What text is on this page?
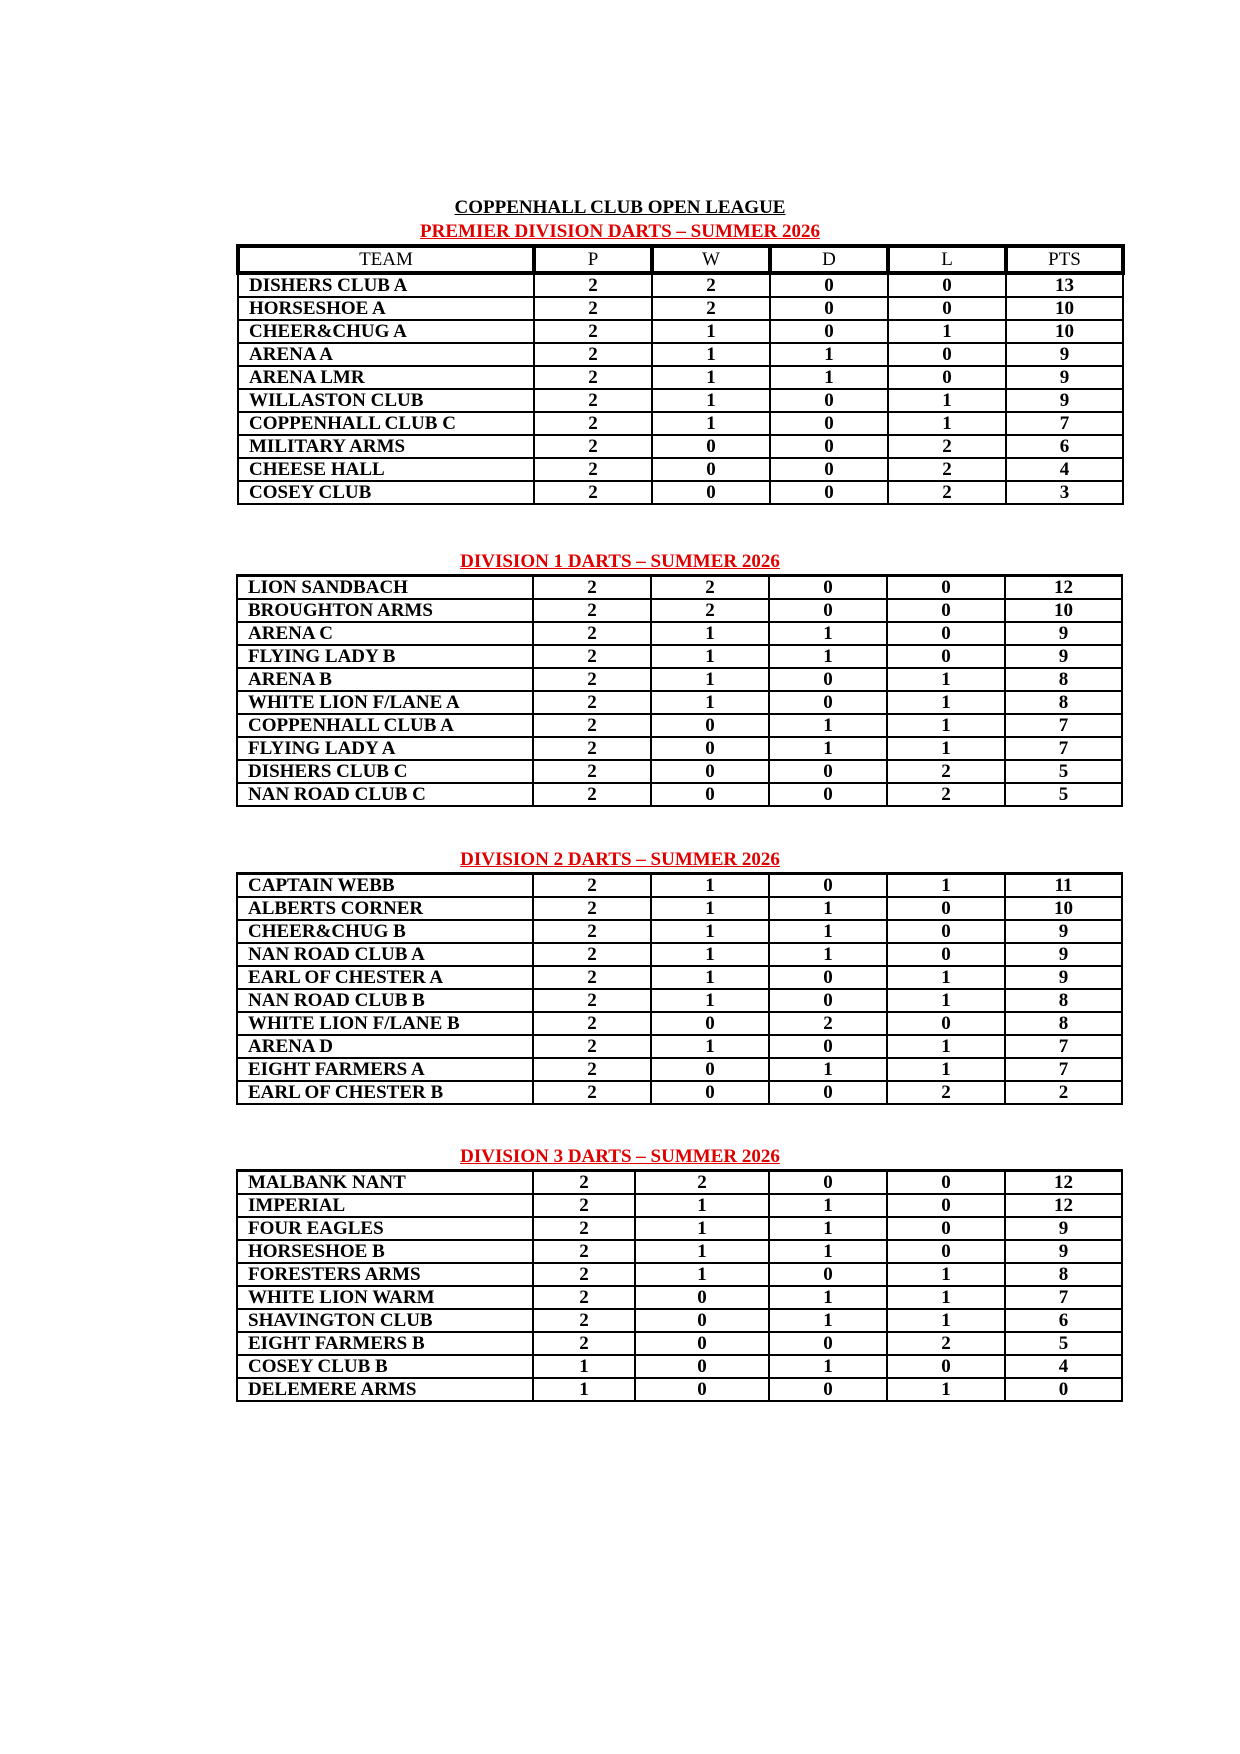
COPPENHALL CLUB OPEN LEAGUE
PREMIER DIVISION DARTS – SUMMER 2026
TEAM	P	W	D	L	PTS
DISHERS CLUB A	2	2	0	0	13
HORSESHOE A	2	2	0	0	10
CHEER&CHUG A	2	1	0	1	10
ARENA A	2	1	1	0	9
ARENA LMR	2	1	1	0	9
WILLASTON CLUB	2	1	0	1	9
COPPENHALL CLUB C	2	1	0	1	7
MILITARY ARMS	2	0	0	2	6
CHEESE HALL	2	0	0	2	4
COSEY CLUB	2	0	0	2	3
DIVISION 1 DARTS – SUMMER 2026
LION SANDBACH	2	2	0	0	12
BROUGHTON ARMS	2	2	0	0	10
ARENA C	2	1	1	0	9
FLYING LADY B	2	1	1	0	9
ARENA B	2	1	0	1	8
WHITE LION F/LANE A	2	1	0	1	8
COPPENHALL CLUB A	2	0	1	1	7
FLYING LADY A	2	0	1	1	7
DISHERS CLUB C	2	0	0	2	5
NAN ROAD CLUB C	2	0	0	2	5
DIVISION 2 DARTS – SUMMER 2026
CAPTAIN WEBB	2	1	0	1	11
ALBERTS CORNER	2	1	1	0	10
CHEER&CHUG B	2	1	1	0	9
NAN ROAD CLUB A	2	1	1	0	9
EARL OF CHESTER A	2	1	0	1	9
NAN ROAD CLUB B	2	1	0	1	8
WHITE LION F/LANE B	2	0	2	0	8
ARENA D	2	1	0	1	7
EIGHT FARMERS A	2	0	1	1	7
EARL OF CHESTER B	2	0	0	2	2
DIVISION 3 DARTS – SUMMER 2026
MALBANK NANT	2	2	0	0	12
IMPERIAL	2	1	1	0	12
FOUR EAGLES	2	1	1	0	9
HORSESHOE B	2	1	1	0	9
FORESTERS ARMS	2	1	0	1	8
WHITE LION WARM	2	0	1	1	7
SHAVINGTON CLUB	2	0	1	1	6
EIGHT FARMERS B	2	0	0	2	5
COSEY CLUB B	1	0	1	0	4
DELEMERE ARMS	1	0	0	1	0
